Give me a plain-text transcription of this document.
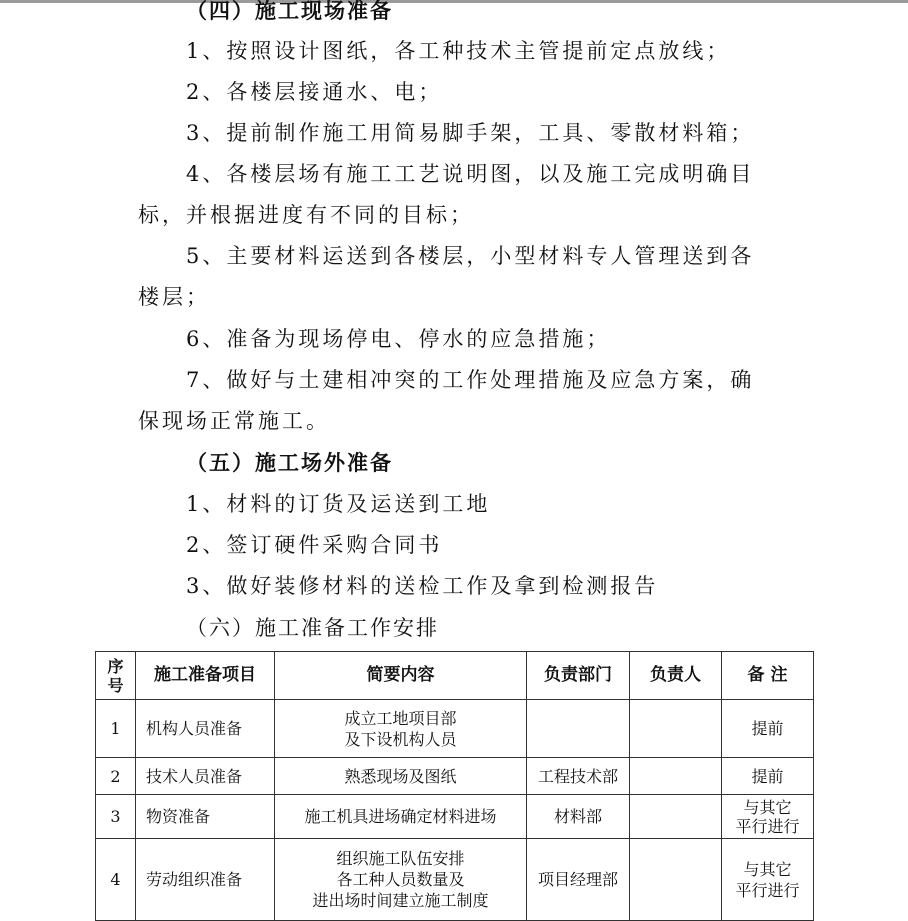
（四）施工现场准备

1、按照设计图纸，各工种技术主管提前定点放线；

2、各楼层接通水、电；

3、提前制作施工用简易脚手架，工具、零散材料箱；

4、各楼层场有施工工艺说明图，以及施工完成明确目

标，并根据进度有不同的目标；

5、主要材料运送到各楼层，小型材料专人管理送到各

楼层；

6、准备为现场停电、停水的应急措施；

7、做好与土建相冲突的工作处理措施及应急方案，确

保现场正常施工。

（五）施工场外准备

1、材料的订货及运送到工地

2、签订硬件采购合同书

3、做好装修材料的送检工作及拿到检测报告

（六）施工准备工作安排

序
号	施工准备项目	简要内容	负责部门	负责人	备 注
1	机构人员准备	成立工地项目部
及下设机构人员			提前

2	技术人员准备	熟悉现场及图纸	工程技术部		提前

3	物资准备	施工机具进场确定材料进场	材料部		与其它
平行进行

4	劳动组织准备	组织施工队伍安排
各工种人员数量及
进出场时间建立施工制度	项目经理部		与其它
平行进行
